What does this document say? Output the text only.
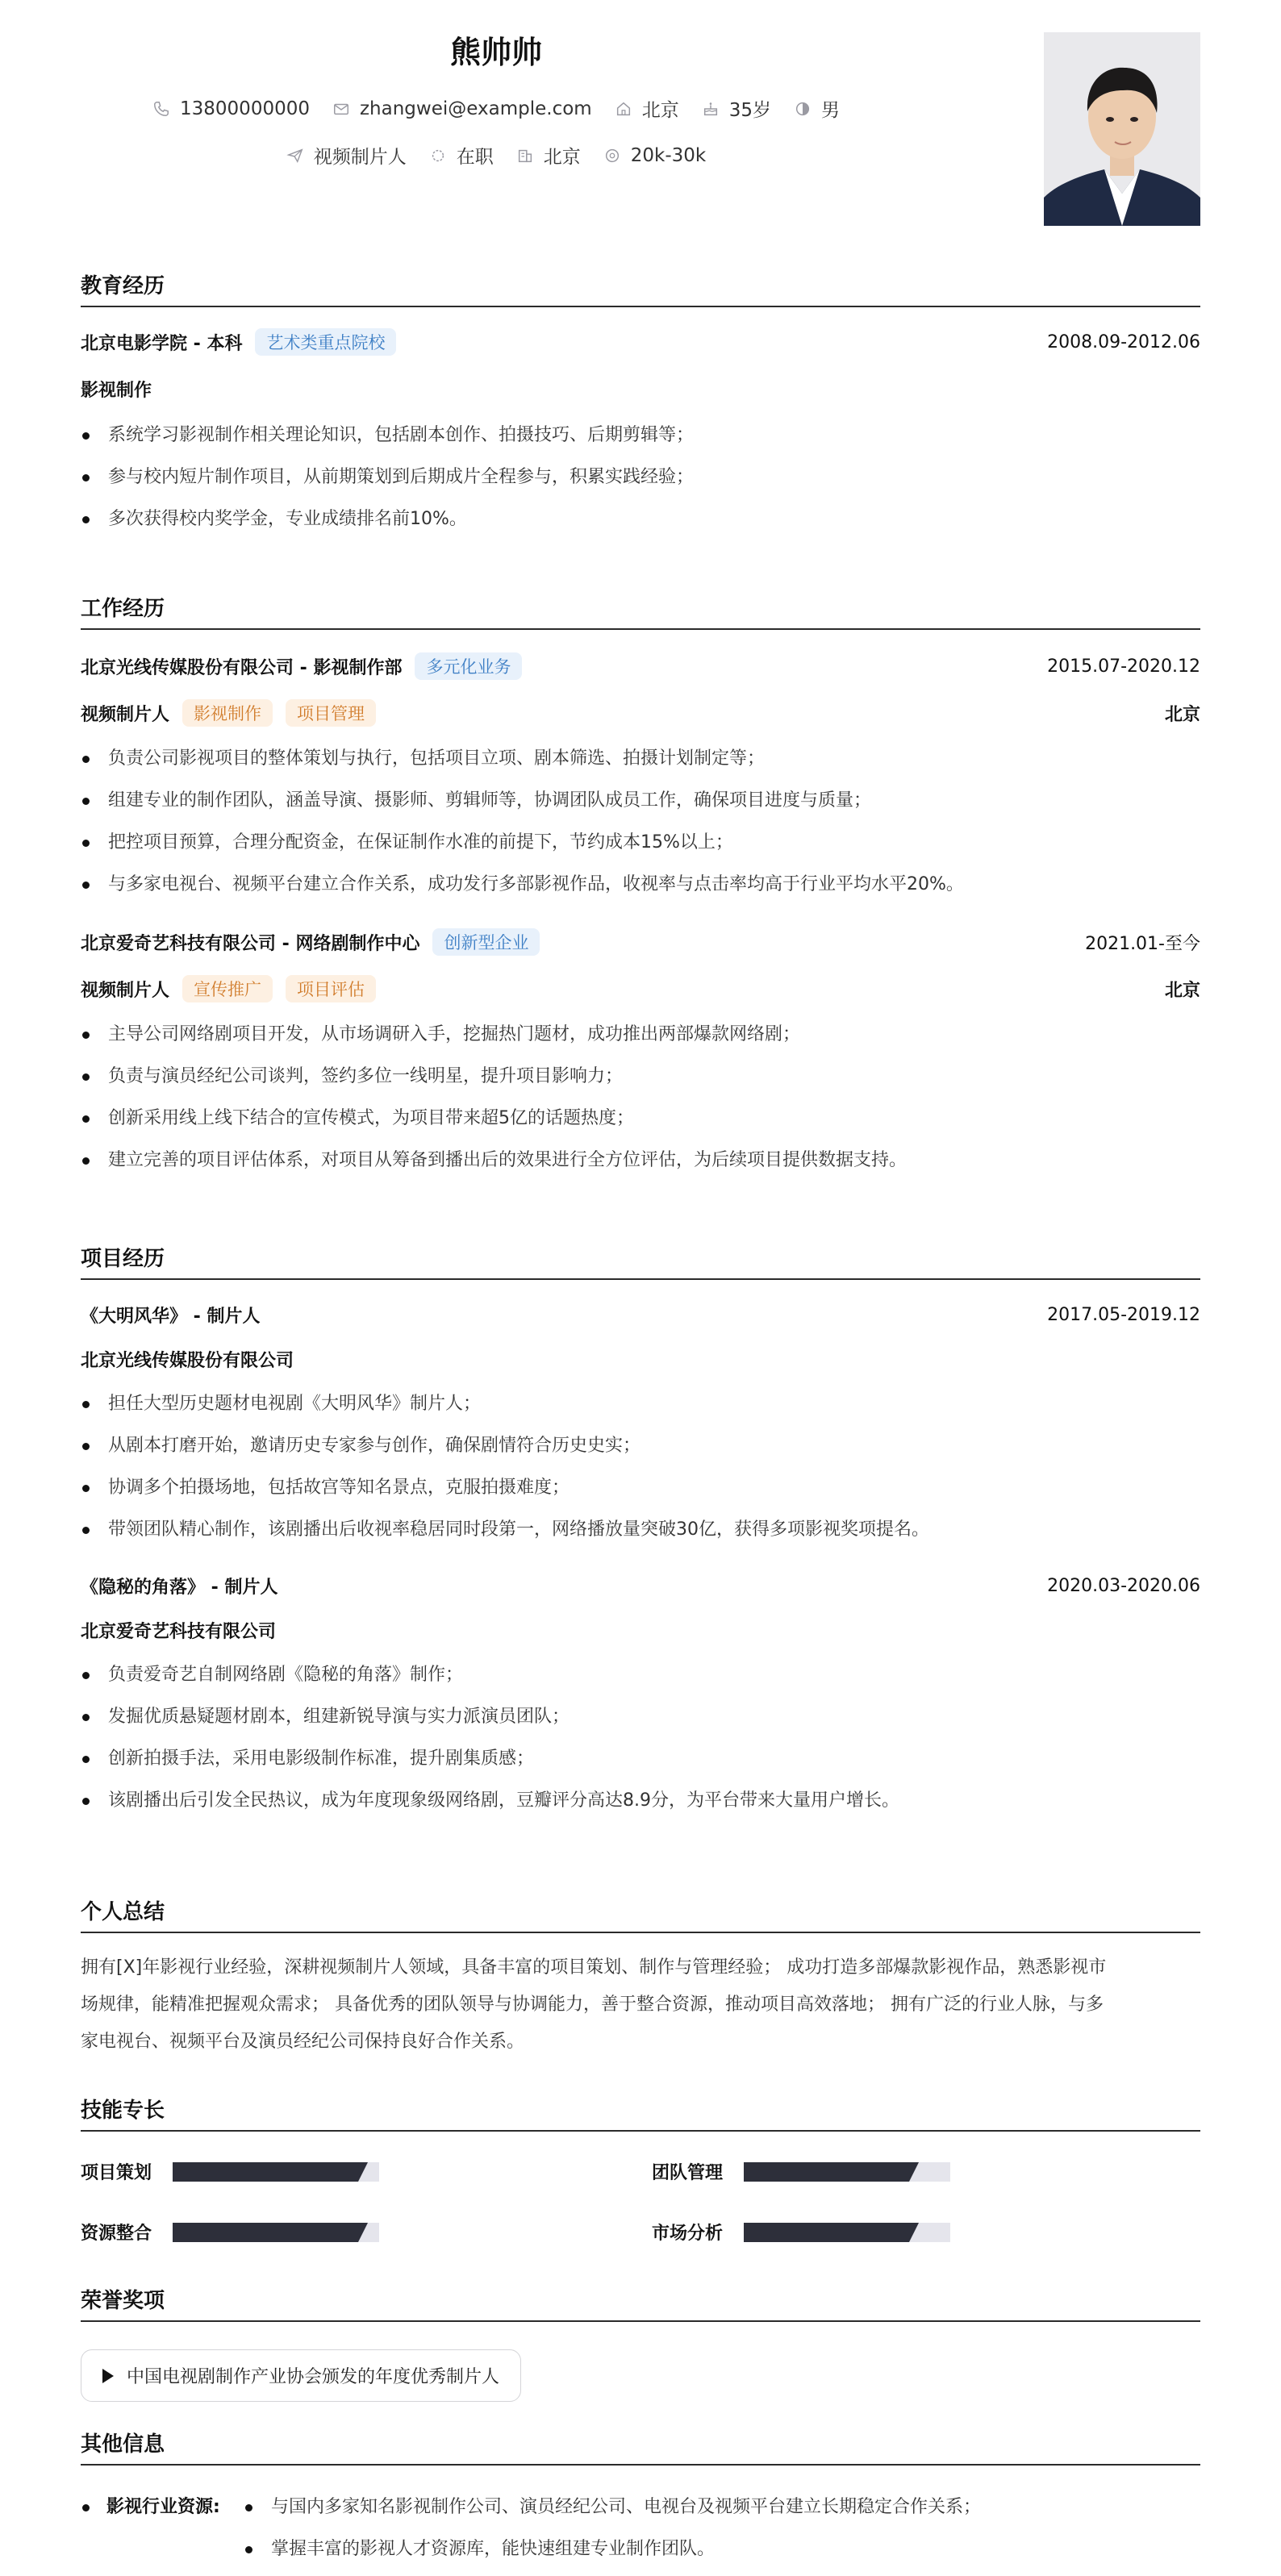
熊帅帅
13800000000	zhangwei@example.com	北京	35岁	男
视频制片人	在职	北京	20k-30k
教育经历
北京电影学院 - 本科	艺术类重点院校	2008.09-2012.06
影视制作
系统学习影视制作相关理论知识，包括剧本创作、拍摄技巧、后期剪辑等；
参与校内短片制作项目，从前期策划到后期成片全程参与，积累实践经验；
多次获得校内奖学金，专业成绩排名前10%。
工作经历
北京光线传媒股份有限公司 - 影视制作部	多元化业务	2015.07-2020.12
视频制片人	影视制作	项目管理	北京
负责公司影视项目的整体策划与执行，包括项目立项、剧本筛选、拍摄计划制定等；
组建专业的制作团队，涵盖导演、摄影师、剪辑师等，协调团队成员工作，确保项目进度与质量；
把控项目预算，合理分配资金，在保证制作水准的前提下，节约成本15%以上；
与多家电视台、视频平台建立合作关系，成功发行多部影视作品，收视率与点击率均高于行业平均水平20%。
北京爱奇艺科技有限公司 - 网络剧制作中心	创新型企业	2021.01-至今
视频制片人	宣传推广	项目评估	北京
主导公司网络剧项目开发，从市场调研入手，挖掘热门题材，成功推出两部爆款网络剧；
负责与演员经纪公司谈判，签约多位一线明星，提升项目影响力；
创新采用线上线下结合的宣传模式，为项目带来超5亿的话题热度；
建立完善的项目评估体系，对项目从筹备到播出后的效果进行全方位评估，为后续项目提供数据支持。
项目经历
《大明风华》 - 制片人	2017.05-2019.12
北京光线传媒股份有限公司
担任大型历史题材电视剧《大明风华》制片人；
从剧本打磨开始，邀请历史专家参与创作，确保剧情符合历史史实；
协调多个拍摄场地，包括故宫等知名景点，克服拍摄难度；
带领团队精心制作，该剧播出后收视率稳居同时段第一，网络播放量突破30亿，获得多项影视奖项提名。
《隐秘的角落》 - 制片人	2020.03-2020.06
北京爱奇艺科技有限公司
负责爱奇艺自制网络剧《隐秘的角落》制作；
发掘优质悬疑题材剧本，组建新锐导演与实力派演员团队；
创新拍摄手法，采用电影级制作标准，提升剧集质感；
该剧播出后引发全民热议，成为年度现象级网络剧，豆瓣评分高达8.9分，为平台带来大量用户增长。
个人总结
拥有[X]年影视行业经验，深耕视频制片人领域，具备丰富的项目策划、制作与管理经验； 成功打造多部爆款影视作品，熟悉影视市
场规律，能精准把握观众需求； 具备优秀的团队领导与协调能力，善于整合资源，推动项目高效落地； 拥有广泛的行业人脉，与多
家电视台、视频平台及演员经纪公司保持良好合作关系。
技能专长
项目策划	团队管理
资源整合	市场分析
荣誉奖项
中国电视剧制作产业协会颁发的年度优秀制片人
其他信息
影视行业资源:	与国内多家知名影视制作公司、演员经纪公司、电视台及视频平台建立长期稳定合作关系；
掌握丰富的影视人才资源库，能快速组建专业制作团队。
